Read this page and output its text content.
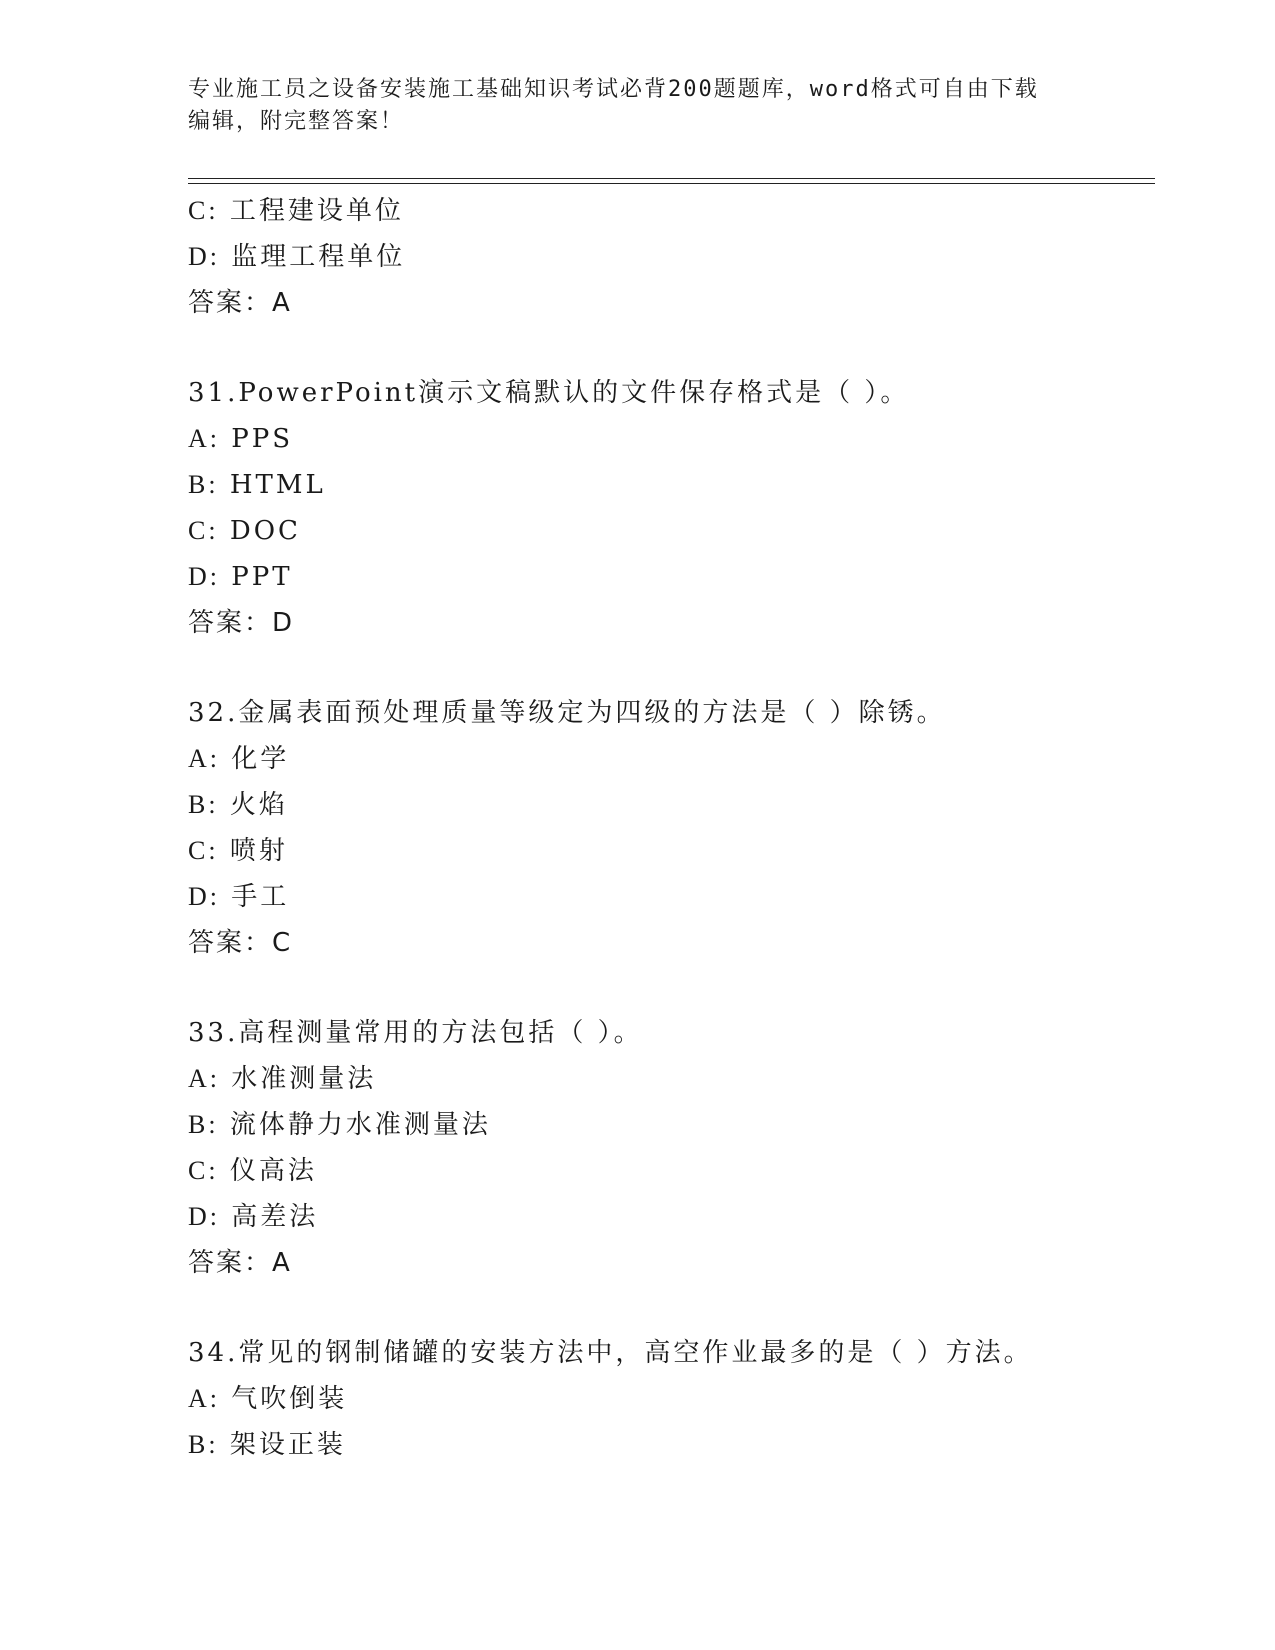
专业施工员之设备安装施工基础知识考试必背200题题库，word格式可自由下载
编辑，附完整答案！
C: 工程建设单位
D: 监理工程单位
答案：A
31.PowerPoint演示文稿默认的文件保存格式是（ ）。
A: PPS
B: HTML
C: DOC
D: PPT
答案：D
32.金属表面预处理质量等级定为四级的方法是（ ）除锈。
A: 化学
B: 火焰
C: 喷射
D: 手工
答案：C
33.高程测量常用的方法包括（ ）。
A: 水准测量法
B: 流体静力水准测量法
C: 仪高法
D: 高差法
答案：A
34.常见的钢制储罐的安装方法中，高空作业最多的是（ ）方法。
A: 气吹倒装
B: 架设正装
